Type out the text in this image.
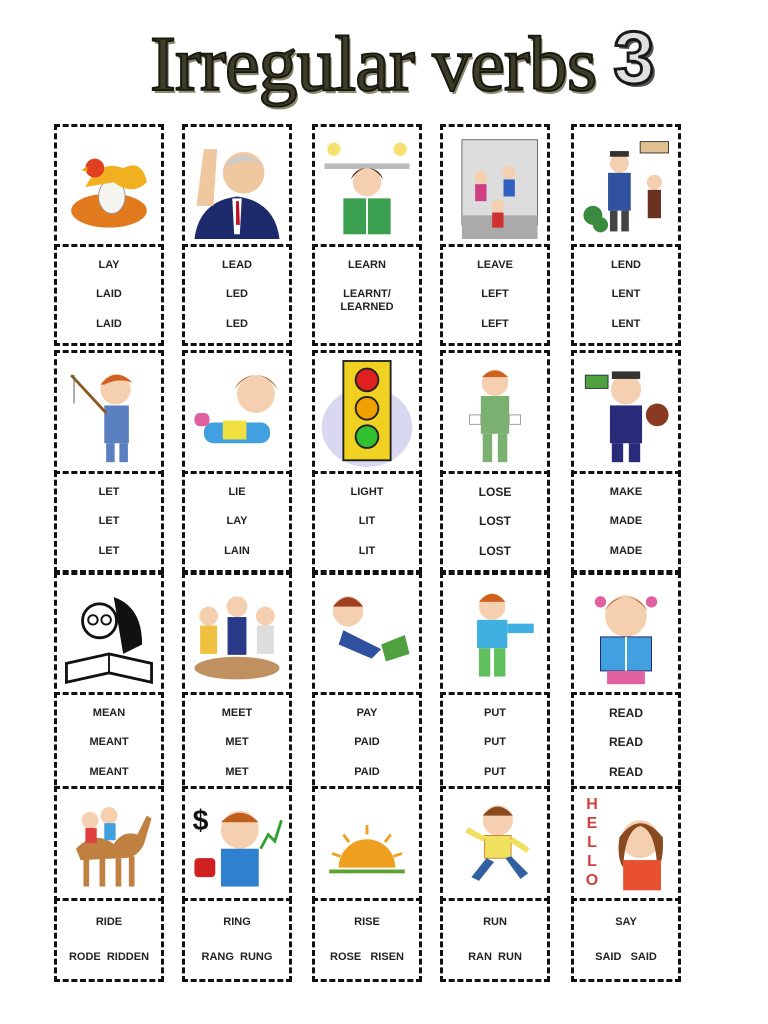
Irregular verbs 3
LAY
LAID
LAID
LEAD
LED
LED
LEARN
LEARNT/
LEARNED
LEAVE
LEFT
LEFT
LEND
LENT
LENT
LET
LET
LET
LIE
LAY
LAIN
LIGHT
LIT
LIT
LOSE
LOST
LOST
MAKE
MADE
MADE
MEAN
MEANT
MEANT
MEET
MET
MET
PAY
PAID
PAID
PUT
PUT
PUT
READ
READ
READ
$
HELLO
RIDE
RODE  RIDDEN
RING
RANG  RUNG
RISE
ROSE   RISEN
RUN
RAN  RUN
SAY
SAID   SAID
